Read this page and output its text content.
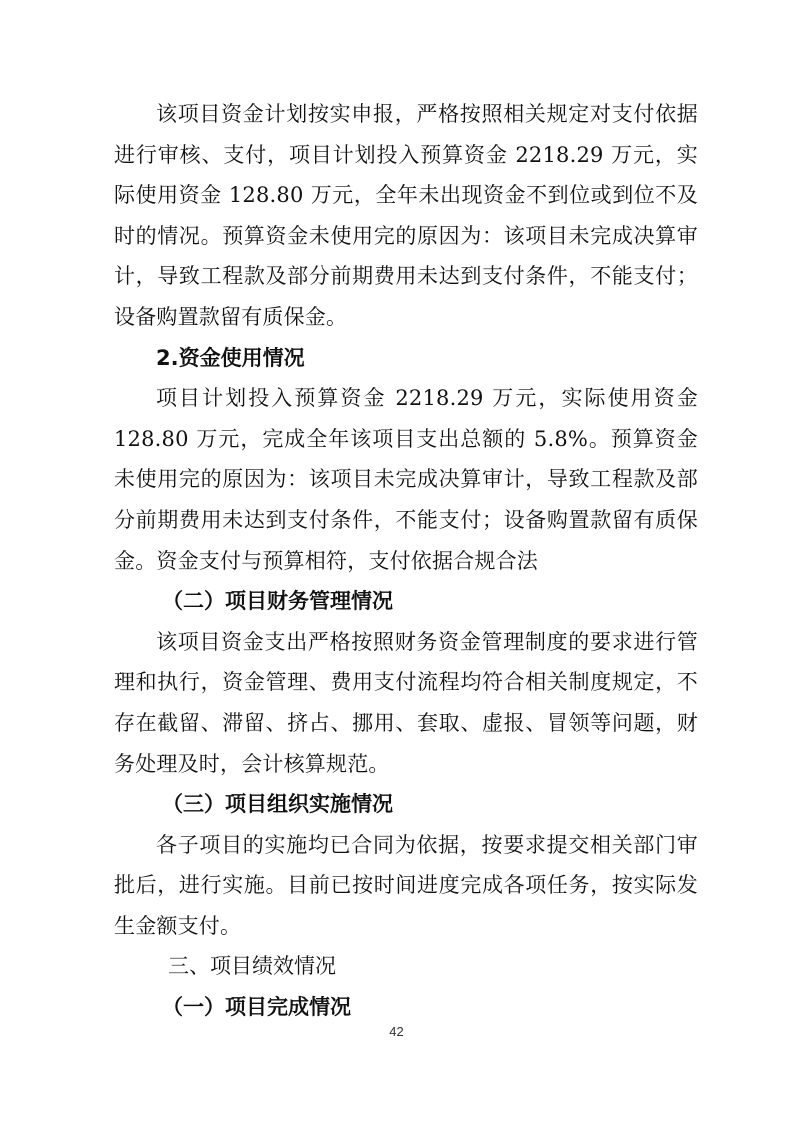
该项目资金计划按实申报，严格按照相关规定对支付依据进行审核、支付，项目计划投入预算资金 2218.29 万元，实际使用资金 128.80 万元，全年未出现资金不到位或到位不及时的情况。预算资金未使用完的原因为：该项目未完成决算审计，导致工程款及部分前期费用未达到支付条件，不能支付；设备购置款留有质保金。

2.资金使用情况

项目计划投入预算资金 2218.29 万元，实际使用资金 128.80 万元，完成全年该项目支出总额的 5.8%。预算资金未使用完的原因为：该项目未完成决算审计，导致工程款及部分前期费用未达到支付条件，不能支付；设备购置款留有质保金。资金支付与预算相符，支付依据合规合法

（二）项目财务管理情况

该项目资金支出严格按照财务资金管理制度的要求进行管理和执行，资金管理、费用支付流程均符合相关制度规定，不存在截留、滞留、挤占、挪用、套取、虚报、冒领等问题，财务处理及时，会计核算规范。

（三）项目组织实施情况

各子项目的实施均已合同为依据，按要求提交相关部门审批后，进行实施。目前已按时间进度完成各项任务，按实际发生金额支付。

三、项目绩效情况
（一）项目完成情况
42
